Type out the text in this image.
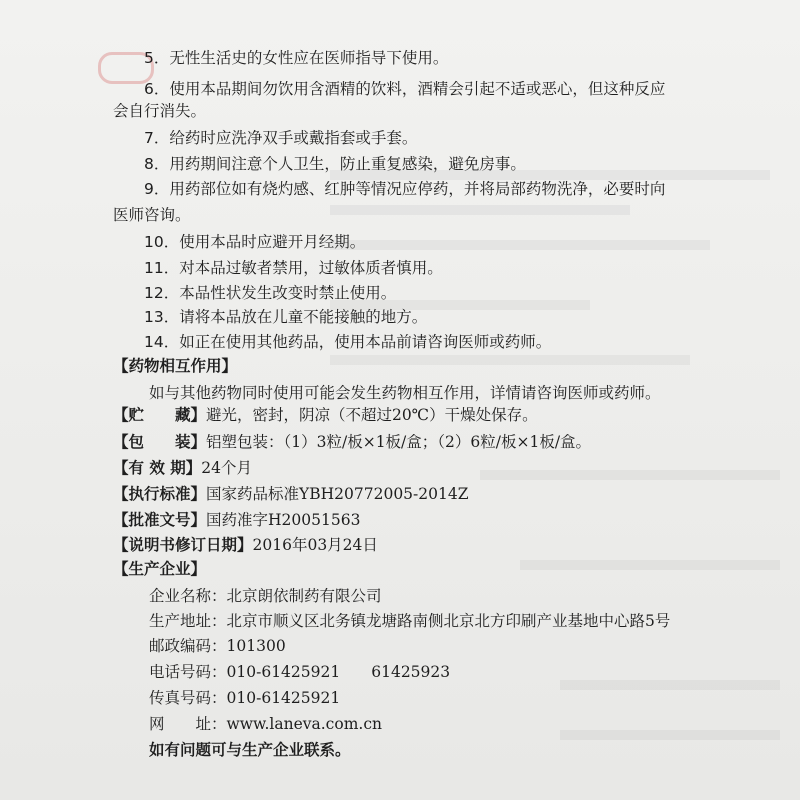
5．无性生活史的女性应在医师指导下使用。
6．使用本品期间勿饮用含酒精的饮料，酒精会引起不适或恶心，但这种反应
会自行消失。
7．给药时应洗净双手或戴指套或手套。
8．用药期间注意个人卫生，防止重复感染，避免房事。
9．用药部位如有烧灼感、红肿等情况应停药，并将局部药物洗净，必要时向
医师咨询。
10．使用本品时应避开月经期。
11．对本品过敏者禁用，过敏体质者慎用。
12．本品性状发生改变时禁止使用。
13．请将本品放在儿童不能接触的地方。
14．如正在使用其他药品，使用本品前请咨询医师或药师。
【药物相互作用】
如与其他药物同时使用可能会发生药物相互作用，详情请咨询医师或药师。
【贮　　藏】避光，密封，阴凉（不超过20℃）干燥处保存。
【包　　装】铝塑包装：（1）3粒/板×1板/盒；（2）6粒/板×1板/盒。
【有 效 期】24个月
【执行标准】国家药品标准YBH20772005-2014Z
【批准文号】国药准字H20051563
【说明书修订日期】2016年03月24日
【生产企业】
企业名称：北京朗依制药有限公司
生产地址：北京市顺义区北务镇龙塘路南侧北京北方印刷产业基地中心路5号
邮政编码：101300
电话号码：010-61425921　　61425923
传真号码：010-61425921
网　　址：www.laneva.com.cn
如有问题可与生产企业联系。
